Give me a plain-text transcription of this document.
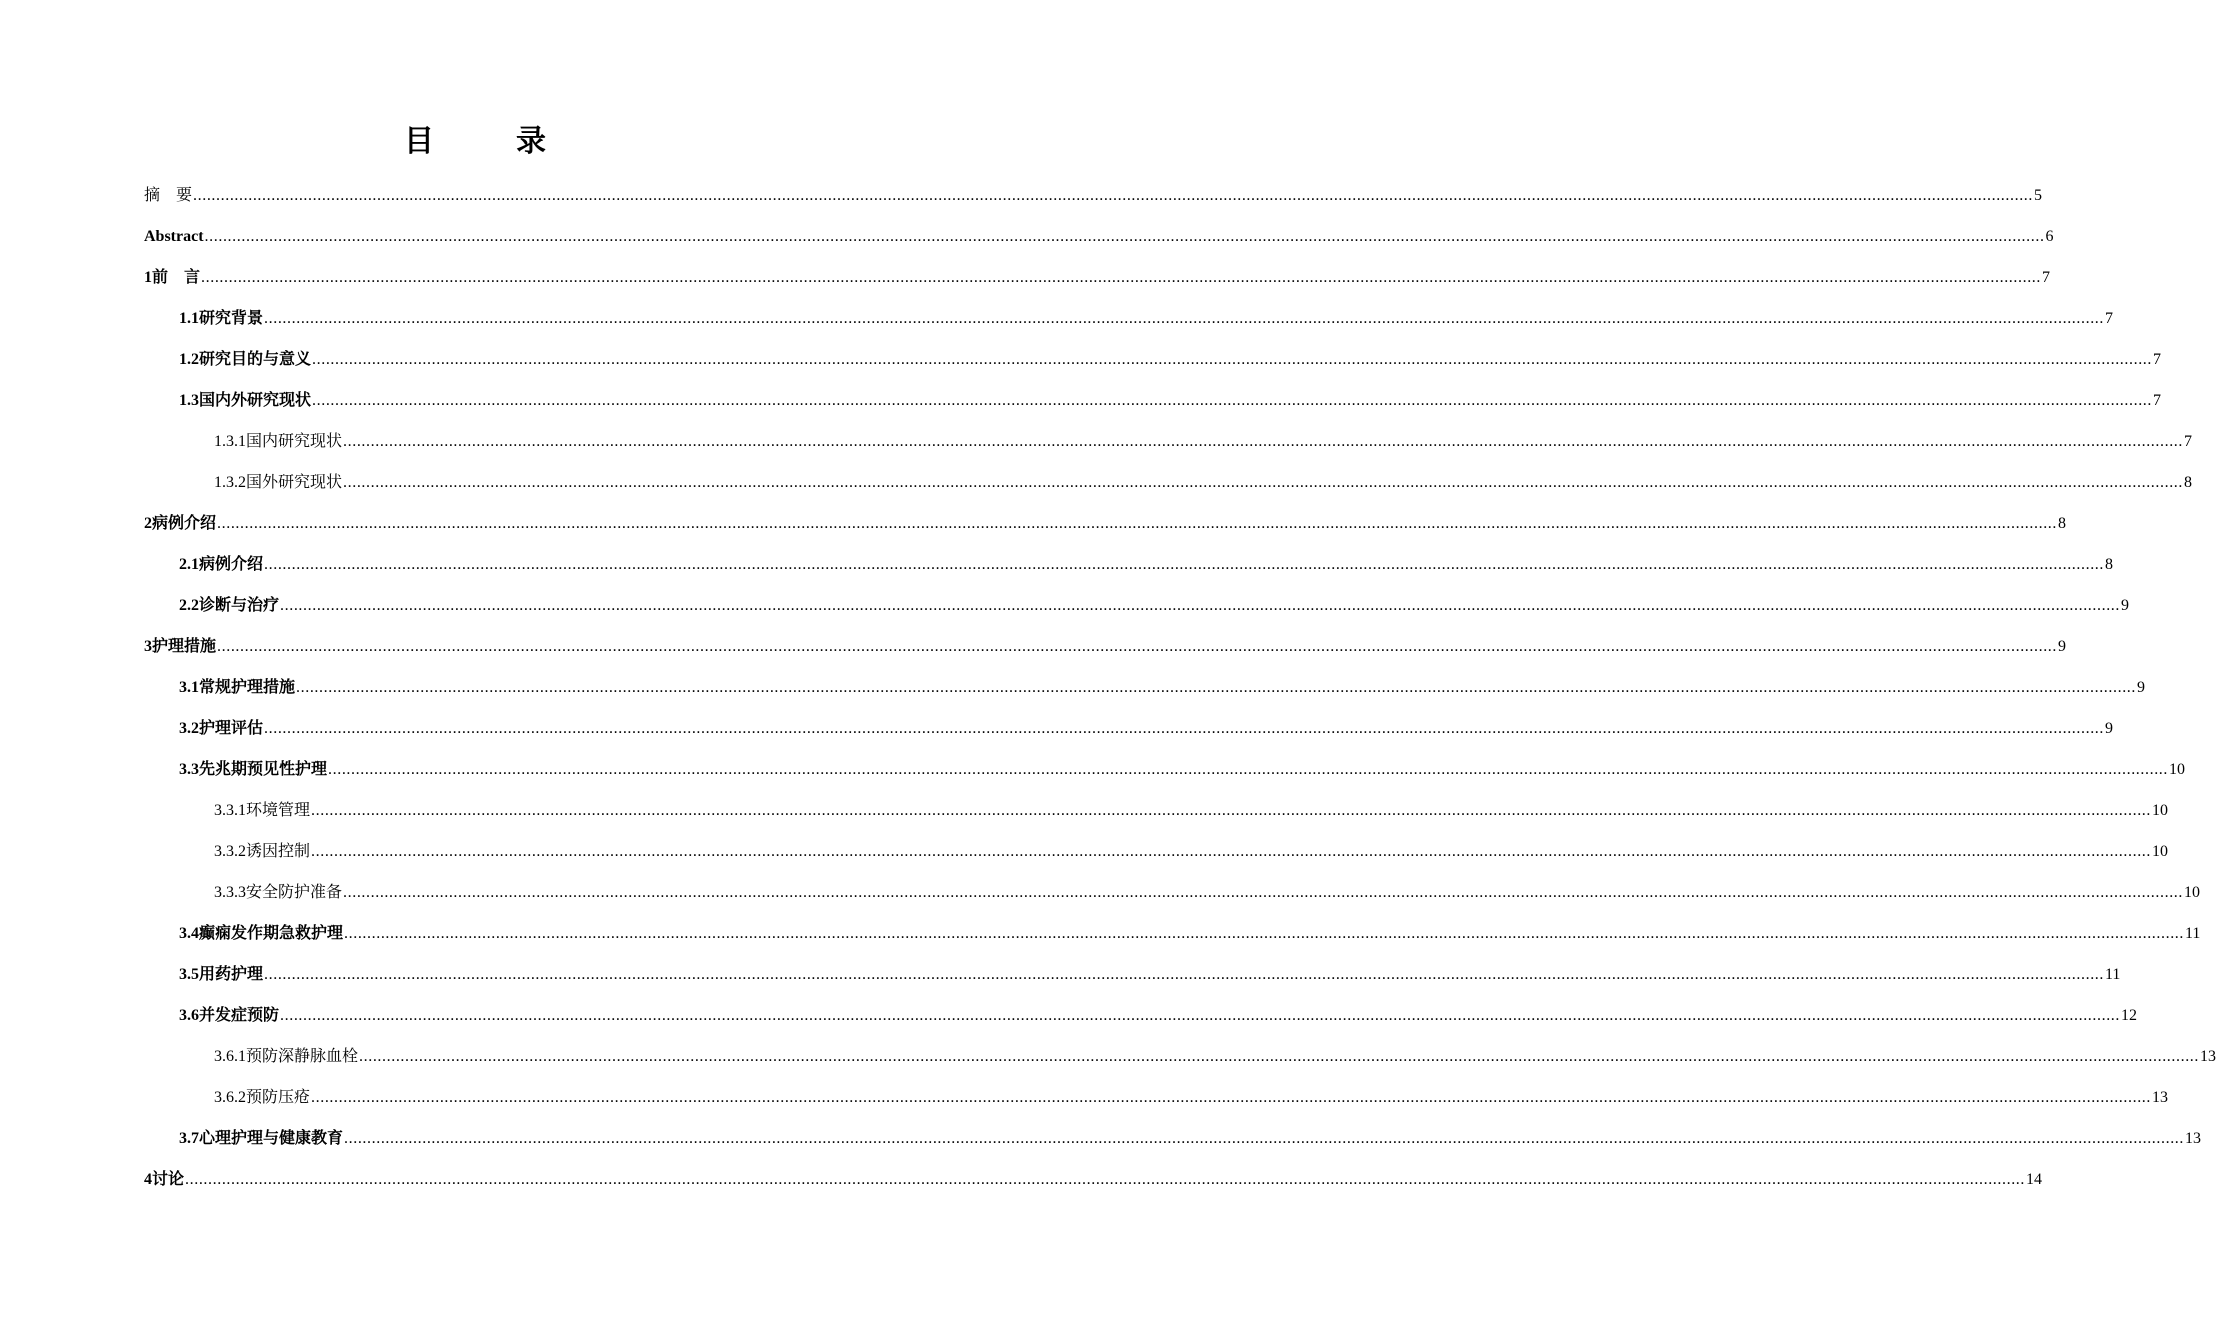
目　录
摘　要 ................................................................................................................................................................................................................................................................................................................................................................................................................ 5
Abstract ................................................................................................................................................................................................................................................................................................................................................................................................................ 6
1 前　言 ................................................................................................................................................................................................................................................................................................................................................................................................................ 7
1.1 研究背景 ................................................................................................................................................................................................................................................................................................................................................................................................................ 7
1.2 研究目的与意义 ................................................................................................................................................................................................................................................................................................................................................................................................................ 7
1.3 国内外研究现状 ................................................................................................................................................................................................................................................................................................................................................................................................................ 7
1.3.1 国内研究现状 ................................................................................................................................................................................................................................................................................................................................................................................................................ 7
1.3.2 国外研究现状 ................................................................................................................................................................................................................................................................................................................................................................................................................ 8
2 病例介绍 ................................................................................................................................................................................................................................................................................................................................................................................................................ 8
2.1 病例介绍 ................................................................................................................................................................................................................................................................................................................................................................................................................ 8
2.2 诊断与治疗 ................................................................................................................................................................................................................................................................................................................................................................................................................ 9
3 护理措施 ................................................................................................................................................................................................................................................................................................................................................................................................................ 9
3.1 常规护理措施 ................................................................................................................................................................................................................................................................................................................................................................................................................ 9
3.2 护理评估 ................................................................................................................................................................................................................................................................................................................................................................................................................ 9
3.3 先兆期预见性护理 ................................................................................................................................................................................................................................................................................................................................................................................................................ 10
3.3.1 环境管理 ................................................................................................................................................................................................................................................................................................................................................................................................................ 10
3.3.2 诱因控制 ................................................................................................................................................................................................................................................................................................................................................................................................................ 10
3.3.3 安全防护准备 ................................................................................................................................................................................................................................................................................................................................................................................................................ 10
3.4 癫痫发作期急救护理 ................................................................................................................................................................................................................................................................................................................................................................................................................ 11
3.5 用药护理 ................................................................................................................................................................................................................................................................................................................................................................................................................ 11
3.6 并发症预防 ................................................................................................................................................................................................................................................................................................................................................................................................................ 12
3.6.1 预防深静脉血栓 ................................................................................................................................................................................................................................................................................................................................................................................................................ 13
3.6.2 预防压疮 ................................................................................................................................................................................................................................................................................................................................................................................................................ 13
3.7 心理护理与健康教育 ................................................................................................................................................................................................................................................................................................................................................................................................................ 13
4 讨论 ................................................................................................................................................................................................................................................................................................................................................................................................................ 14
